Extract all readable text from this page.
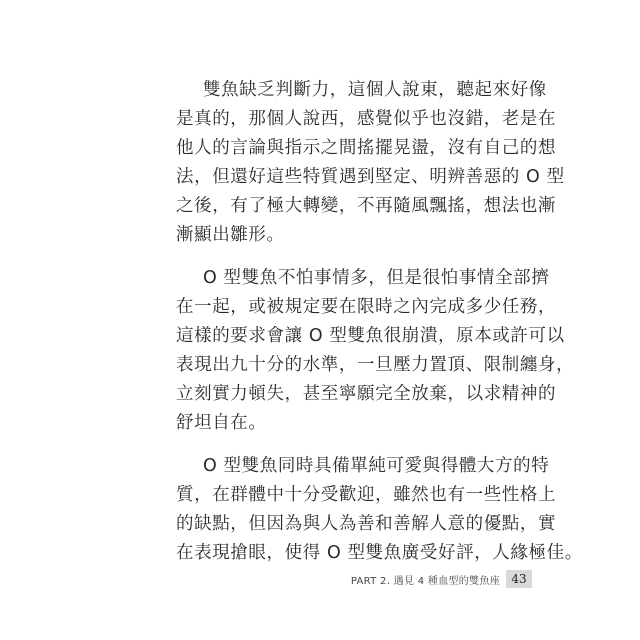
雙魚缺乏判斷力，這個人說東，聽起來好像
是真的，那個人說西，感覺似乎也沒錯，老是在
他人的言論與指示之間搖擺晃盪，沒有自己的想
法，但還好這些特質遇到堅定、明辨善惡的 O 型
之後，有了極大轉變，不再隨風飄搖，想法也漸
漸顯出雛形。

O 型雙魚不怕事情多，但是很怕事情全部擠
在一起，或被規定要在限時之內完成多少任務，
這樣的要求會讓 O 型雙魚很崩潰，原本或許可以
表現出九十分的水準，一旦壓力置頂、限制纏身，
立刻實力頓失，甚至寧願完全放棄，以求精神的
舒坦自在。

O 型雙魚同時具備單純可愛與得體大方的特
質，在群體中十分受歡迎，雖然也有一些性格上
的缺點，但因為與人為善和善解人意的優點，實
在表現搶眼，使得 O 型雙魚廣受好評，人緣極佳。

PART 2. 遇見 4 種血型的雙魚座 43
